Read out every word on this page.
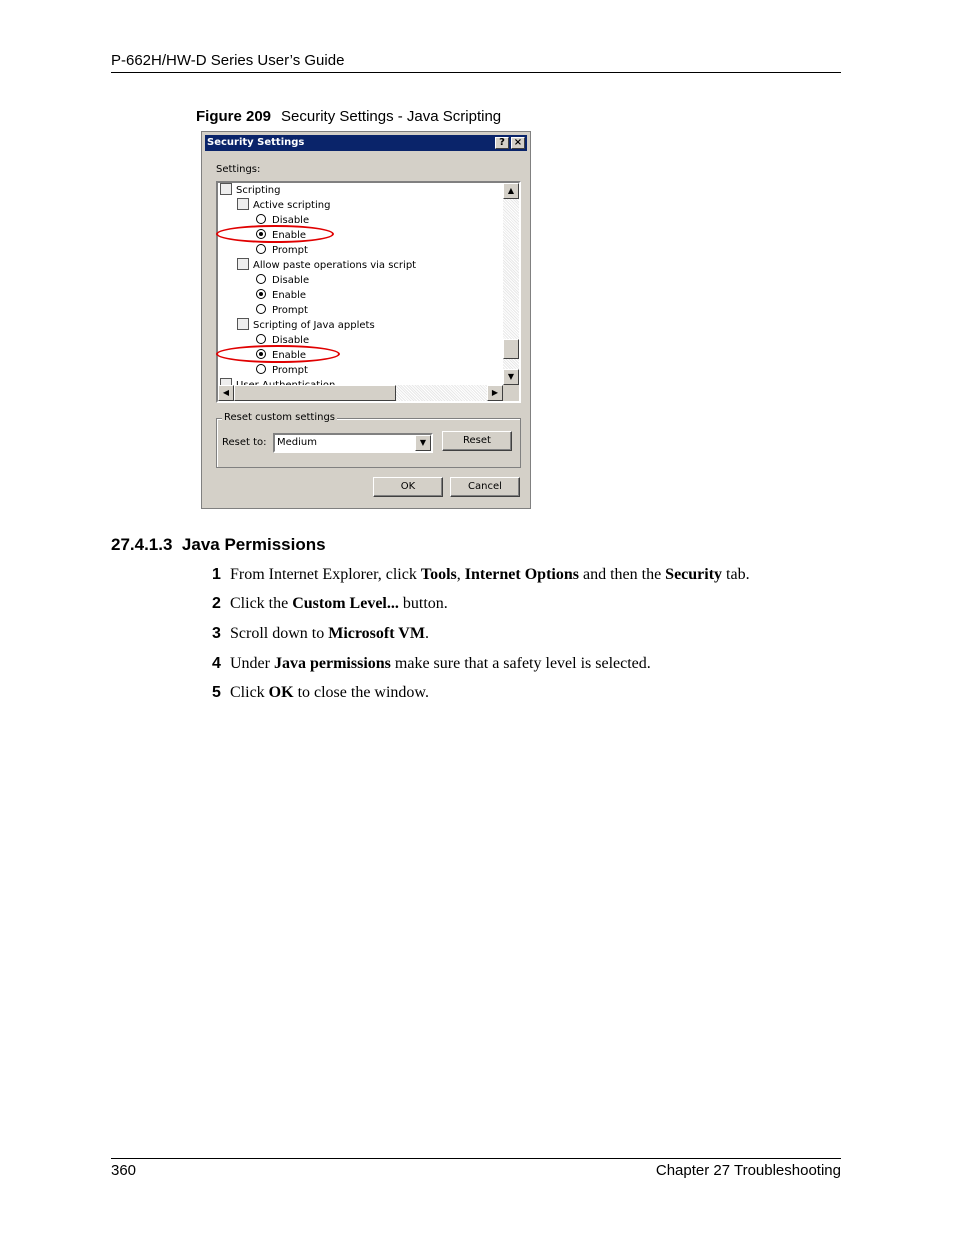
P-662H/HW-D Series User’s Guide
Figure 209 Security Settings - Java Scripting
Security Settings	? ×
Settings:
Scripting
Active scripting
Disable
Enable
Prompt
Allow paste operations via script
Disable
Enable
Prompt
Scripting of Java applets
Disable
Enable
Prompt
▲
▼
◀	▶
Reset custom settings
Reset to:	Medium	▼	Reset
OK	Cancel
27.4.1.3 Java Permissions
1 From Internet Explorer, click Tools, Internet Options and then the Security tab.
2 Click the Custom Level... button.
3 Scroll down to Microsoft VM.
4 Under Java permissions make sure that a safety level is selected.
5 Click OK to close the window.
360	Chapter 27 Troubleshooting
